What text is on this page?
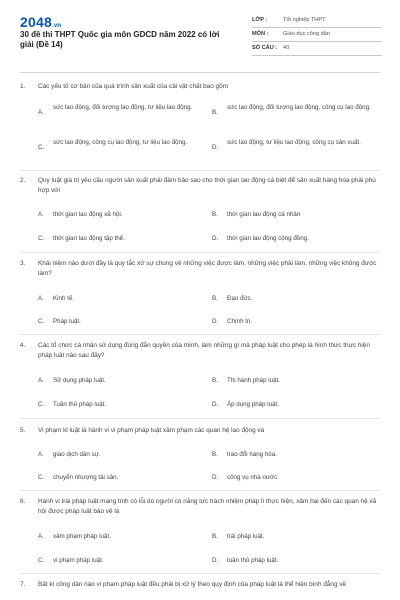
2048.vn
30 đề thi THPT Quốc gia môn GDCD năm 2022 có lời giải (Đề 14)
LỚP :	Tốt nghiệp THPT
MÔN :	Giáo dục công dân
SỐ CÂU : 40
1. Các yếu tố cơ bản của quá trình sản xuất của cải vật chất bao gồm
A.
sức lao động, đối tượng lao động, tư liệu lao động.
B.
sức lao động, đối tượng lao động, công cụ lao động.
C.
sức lao động, công cụ lao động, tư liệu lao động.
D.
sức lao động, tư liệu lao động, công cụ sản xuất.
2. Quy luật giá trị yêu cầu người sản xuất phải đảm bảo sao cho thời gian lao động cá biệt để sản xuất hàng hóa phải phù hợp với
A. thời gian lao động xã hội.	B. thời gian lao động cá nhân
C. thời gian lao động tập thể.	D. thời gian lao động cộng đồng.
3. Khái niệm nào dưới đây là quy tắc xử sự chung về những việc được làm, những việc phải làm, những việc không được làm?
A. Kinh tế.	B. Đạo đức.
C. Pháp luật.	D. Chính trị.
4. Các tổ chức cá nhân sử dụng đúng đắn quyền của mình, làm những gì mà pháp luật cho phép là hình thức thực hiện pháp luật nào sau đây?
A. Sử dụng pháp luật.	B. Thi hành pháp luật.
C. Tuân thủ pháp luật.	D. Áp dụng pháp luật.
5. Vi phạm kỉ luật là hành vi vi phạm pháp luật xâm phạm các quan hệ lao động và
A. giao dịch dân sự.	B. trao đổi hàng hóa.
C. chuyển nhượng tài sản.	D. công vụ nhà nước.
6. Hành vi trái pháp luật mang tính có lỗi do người có năng lực trách nhiệm pháp lí thực hiện, xâm hại đến các quan hệ xã hội được pháp luật bảo vệ là
A. xâm phạm pháp luật.	B. trái pháp luật.
C. vi phạm pháp luật.	D. tuân thủ pháp luật.
7. Bất kì công dân nào vi phạm pháp luật đều phải bị xử lý theo quy định của pháp luật là thể hiện bình đẳng về
